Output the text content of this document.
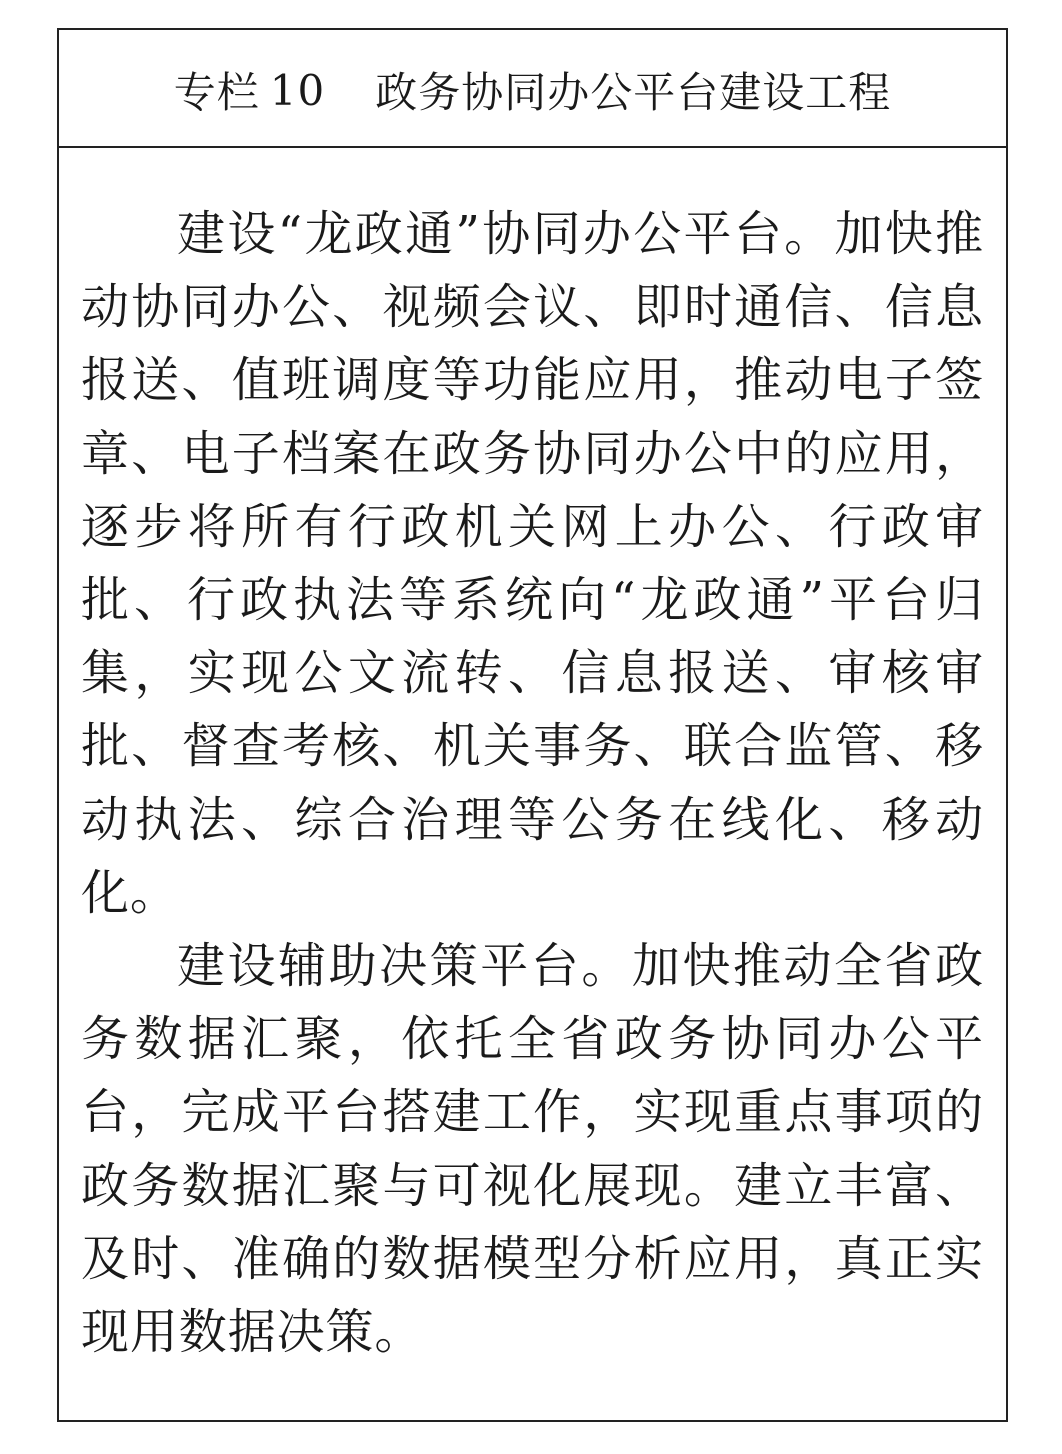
专栏 10 政务协同办公平台建设工程

建设“龙政通”协同办公平台。加快推动协同办公、视频会议、即时通信、信息报送、值班调度等功能应用，推动电子签章、电子档案在政务协同办公中的应用，逐步将所有行政机关网上办公、行政审批、行政执法等系统向“龙政通”平台归集，实现公文流转、信息报送、审核审批、督查考核、机关事务、联合监管、移动执法、综合治理等公务在线化、移动化。

建设辅助决策平台。加快推动全省政务数据汇聚，依托全省政务协同办公平台，完成平台搭建工作，实现重点事项的政务数据汇聚与可视化展现。建立丰富、及时、准确的数据模型分析应用，真正实现用数据决策。
